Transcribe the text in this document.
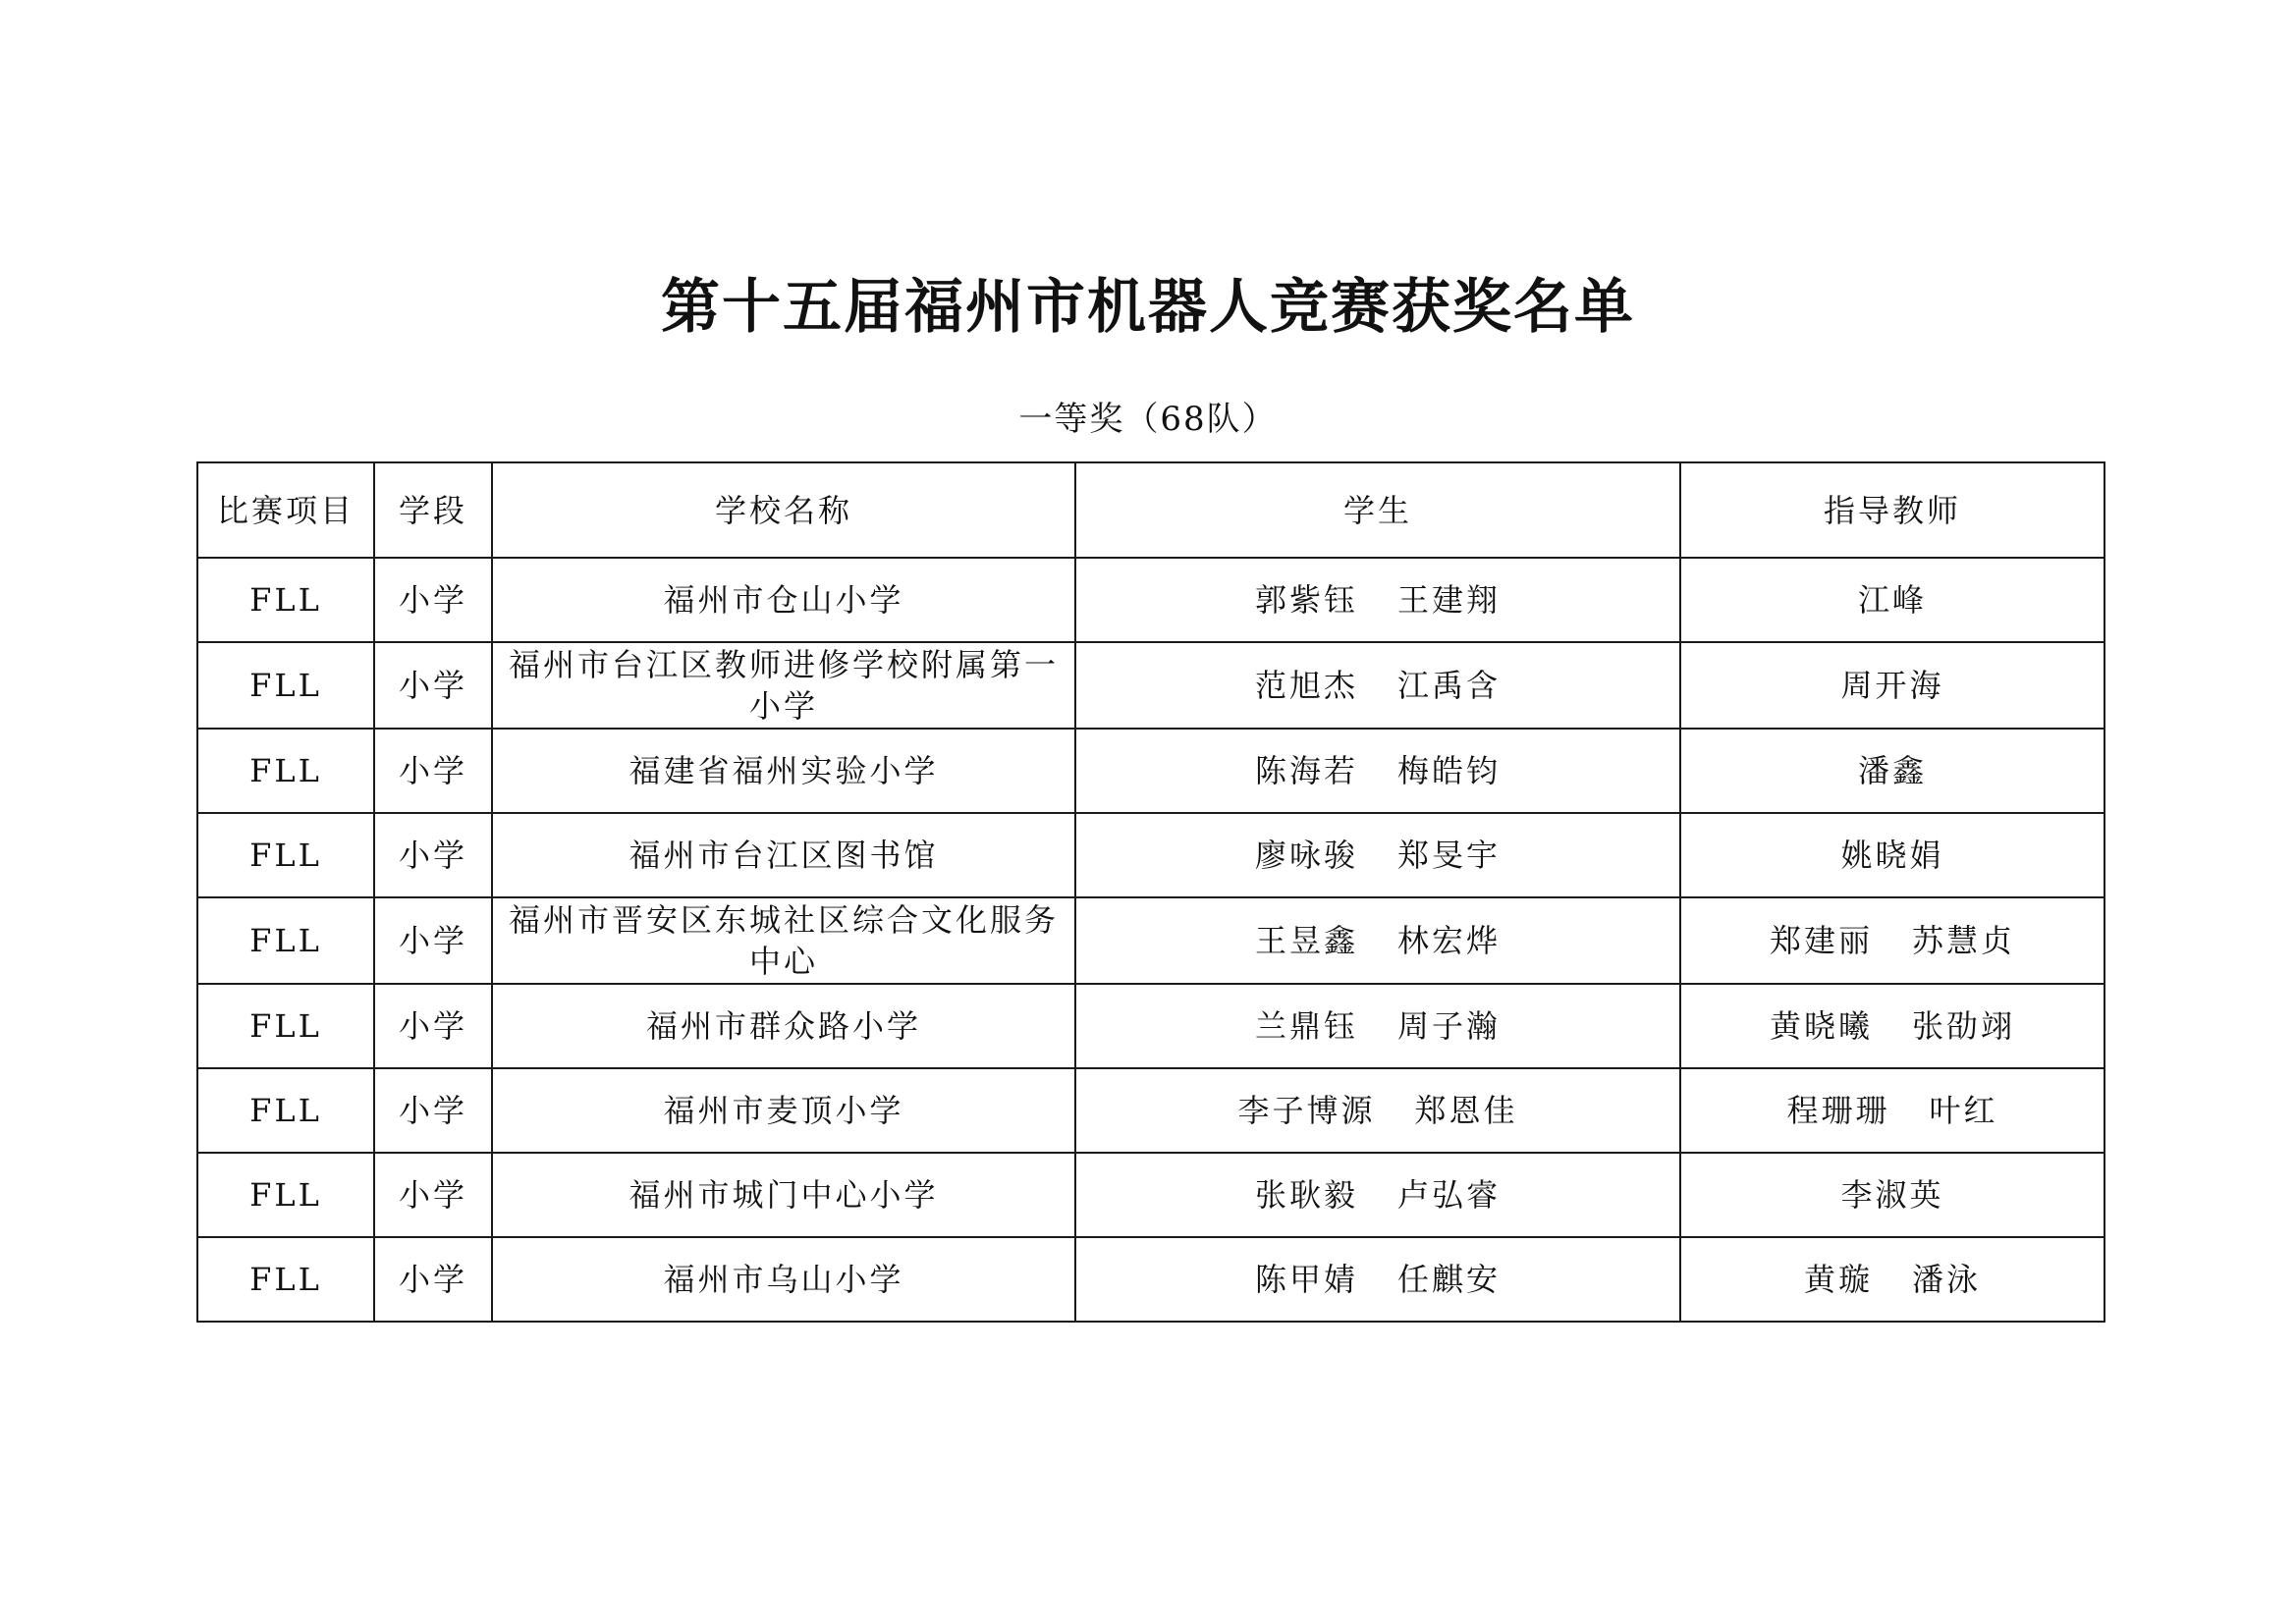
第十五届福州市机器人竞赛获奖名单
一等奖（68队）
比赛项目	学段	学校名称	学生	指导教师
FLL	小学	福州市仓山小学	郭紫钰 王建翔	江峰
FLL	小学	福州市台江区教师进修学校附属第一小学	范旭杰 江禹含	周开海
FLL	小学	福建省福州实验小学	陈海若 梅皓钧	潘鑫
FLL	小学	福州市台江区图书馆	廖咏骏 郑旻宇	姚晓娟
FLL	小学	福州市晋安区东城社区综合文化服务中心	王昱鑫 林宏烨	郑建丽 苏慧贞
FLL	小学	福州市群众路小学	兰鼎钰 周子瀚	黄晓曦 张劭翊
FLL	小学	福州市麦顶小学	李子博源 郑恩佳	程珊珊 叶红
FLL	小学	福州市城门中心小学	张耿毅 卢弘睿	李淑英
FLL	小学	福州市乌山小学	陈甲婧 任麒安	黄璇 潘泳
